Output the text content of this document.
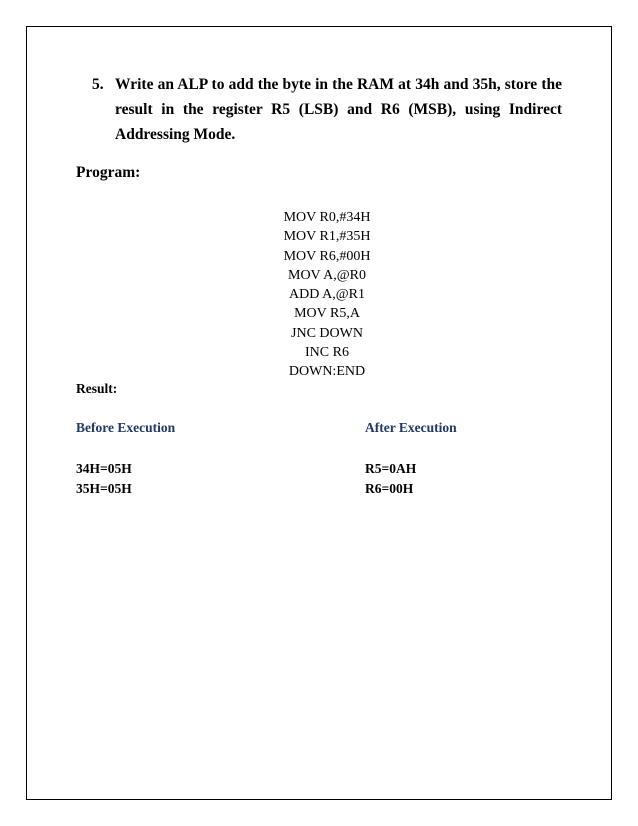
5. Write an ALP to add the byte in the RAM at 34h and 35h, store the result in the register R5 (LSB) and R6 (MSB), using Indirect Addressing Mode.
Program:
MOV R0,#34H
MOV R1,#35H
MOV R6,#00H
MOV A,@R0
ADD A,@R1
MOV R5,A
JNC DOWN
INC R6
DOWN:END
Result:
Before Execution	After Execution
34H=05H
35H=05H
R5=0AH
R6=00H
